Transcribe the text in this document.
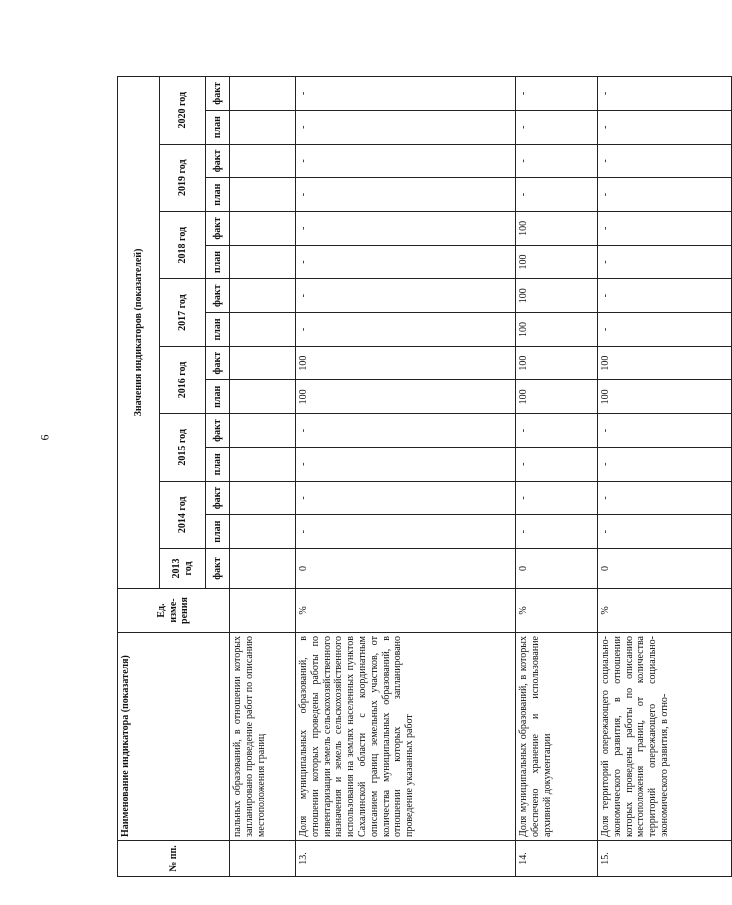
6
№ пп.	Наименование индикатора (показателя)	Ед. изме-рения	Значения индикаторов (показателей)														
			2013 год	2014 год		2015 год		2016 год		2017 год		2018 год		2019 год		2020 год	
			факт	план	факт	план	факт	план	факт	план	факт	план	факт	план	факт	план	факт
	пальных образований, в отношении которых запланировано проведение работ по описанию местоположения границ																
13.	Доля муниципальных образований, в отношении которых проведены работы по инвентаризации земель сельскохозяйственного назначения и земель сельскохозяйственного использования на землях населенных пунктов Сахалинской области с координатным описанием границ земельных участков, от количества муниципальных образований, в отношении которых запланировано проведение указанных работ	%	0	-	-	-	-	100	100	-	-	-	-	-	-	-	-
14.	Доля муниципальных образований, в которых обеспечено хранение и использование архивной документации	%	0	-	-	-	-	100	100	100	100	100	100	-	-	-	-
15.	Доля территорий опережающего социально-экономического развития, в отношении которых проведены работы по описанию местоположения границ, от количества территорий опережающего социально-экономического развития, в отно-	%	0	-	-	-	-	100	100	-	-	-	-	-	-	-	-
